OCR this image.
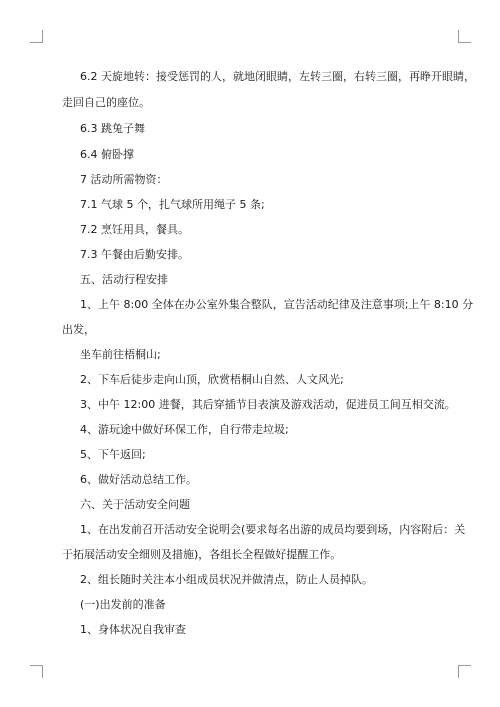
6.2 天旋地转：接受惩罚的人，就地闭眼睛，左转三圈，右转三圈，再睁开眼睛，
走回自己的座位。
6.3 跳兔子舞
6.4 俯卧撑
7 活动所需物资：
7.1 气球 5 个，扎气球所用绳子 5 条;
7.2 烹饪用具，餐具。
7.3 午餐由后勤安排。
五、活动行程安排
1、上午 8:00 全体在办公室外集合整队，宣告活动纪律及注意事项;上午 8:10 分
出发，
坐车前往梧桐山;
2、下车后徒步走向山顶，欣赏梧桐山自然、人文风光;
3、中午 12:00 进餐，其后穿插节目表演及游戏活动，促进员工间互相交流。
4、游玩途中做好环保工作，自行带走垃圾;
5、下午返回;
6、做好活动总结工作。
六、关于活动安全问题
1、在出发前召开活动安全说明会(要求每名出游的成员均要到场，内容附后：关
于拓展活动安全细则及措施)，各组长全程做好提醒工作。
2、组长随时关注本小组成员状况并做清点，防止人员掉队。
(一)出发前的准备
1、身体状况自我审查
